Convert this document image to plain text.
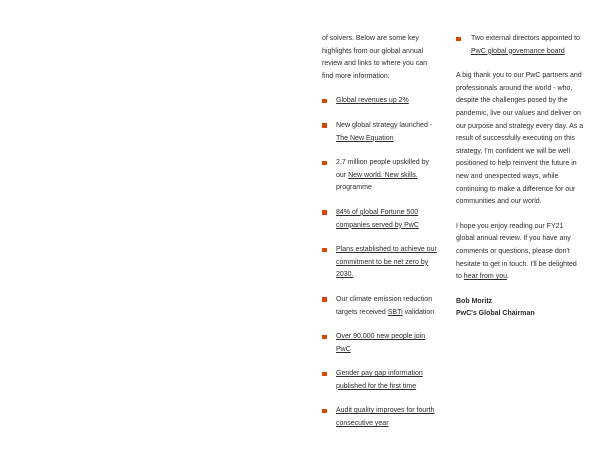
of solvers. Below are some key highlights from our global annual review and links to where you can find more information:

Global revenues up 2%
New global strategy launched - The New Equation
2.7 million people upskilled by our New world. New skills. programme
84% of global Fortune 500 companies served by PwC
Plans established to achieve our commitment to be net zero by 2030.
Our climate emission reduction targets received SBTi validation
Over 90,000 new people join PwC
Gender pay gap information published for the first time
Audit quality improves for fourth consecutive year
Two external directors appointed to PwC global governance board

A big thank you to our PwC partners and professionals around the world - who, despite the challenges posed by the pandemic, live our values and deliver on our purpose and strategy every day. As a result of successfully executing on this strategy, I'm confident we will be well positioned to help reinvent the future in new and unexpected ways, while continuing to make a difference for our communities and our world.

I hope you enjoy reading our FY21 global annual review. If you have any comments or questions, please don't hesitate to get in touch. I'll be delighted to hear from you.

Bob Moritz

PwC's Global Chairman
